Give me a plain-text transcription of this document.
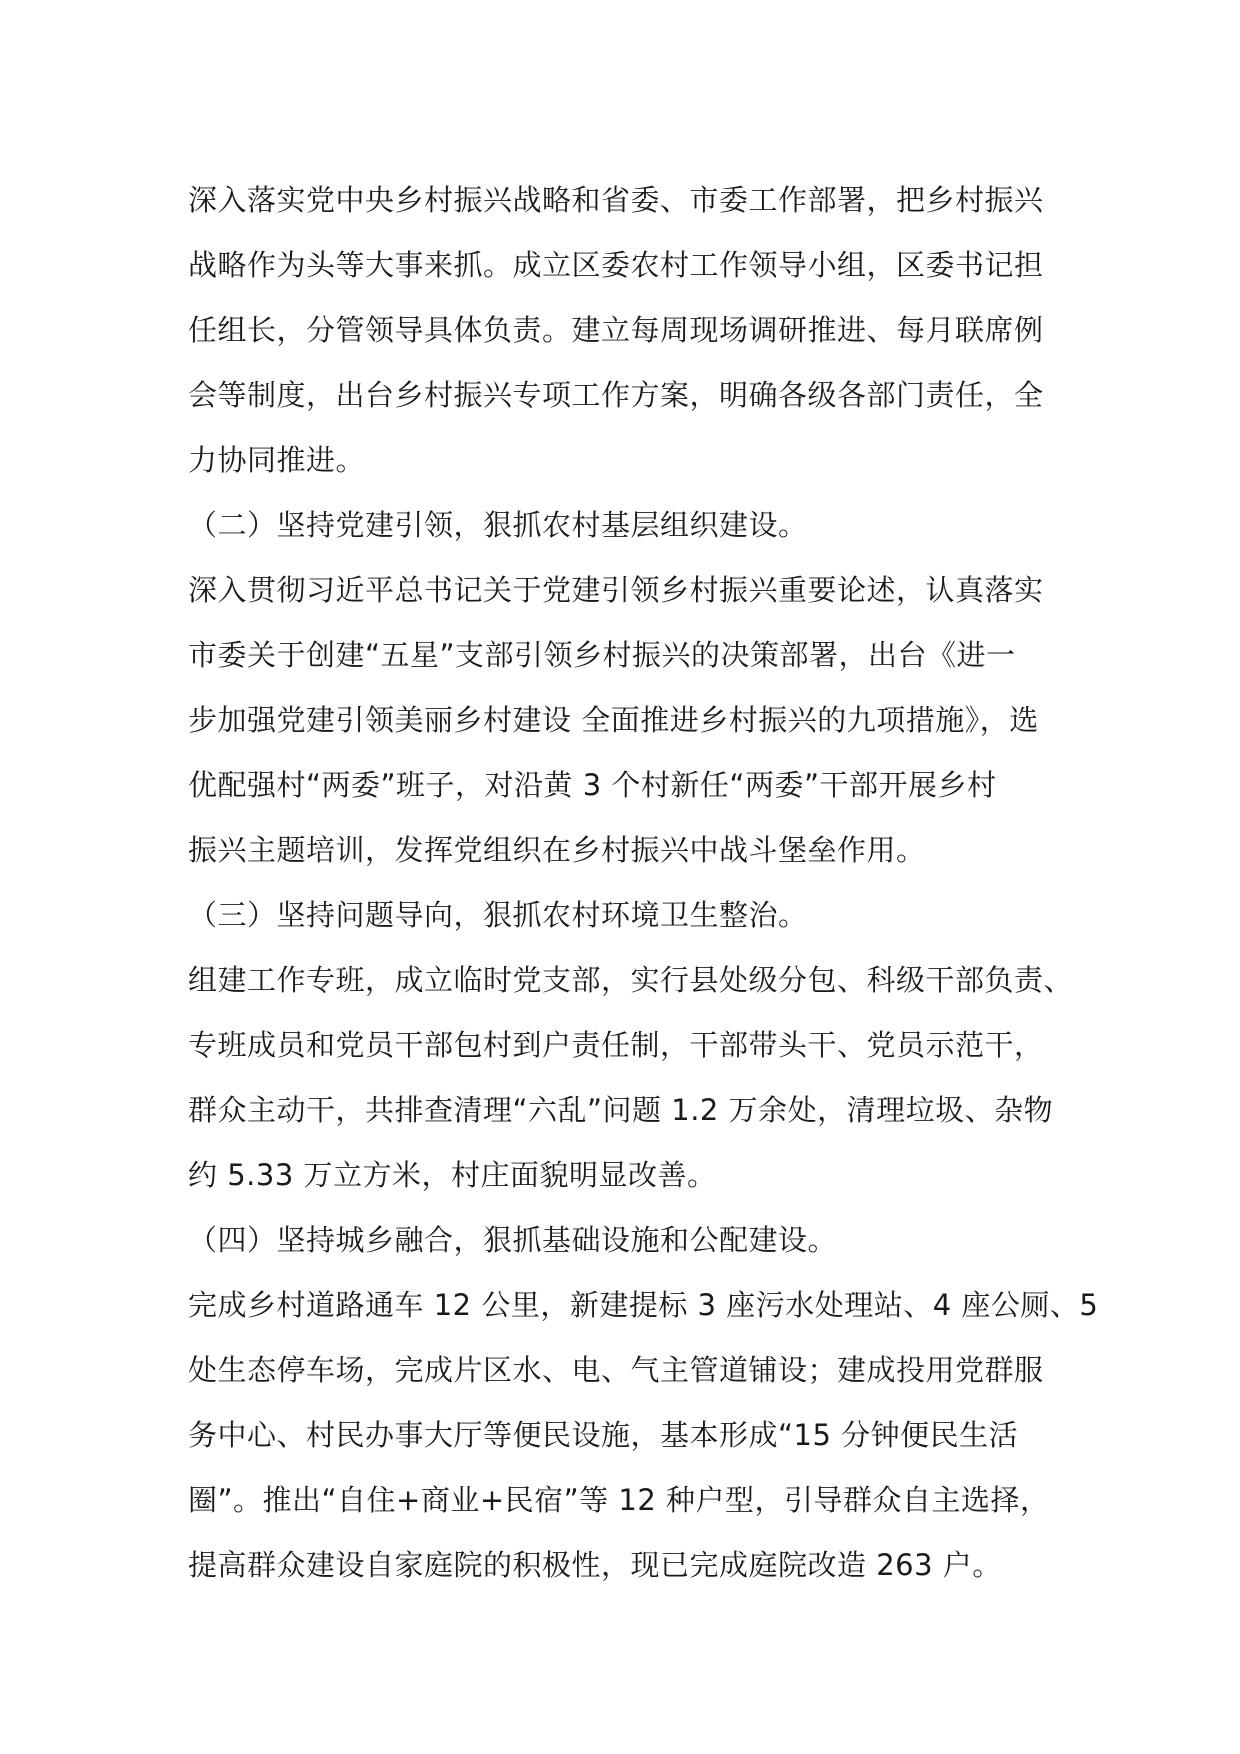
深入落实党中央乡村振兴战略和省委、市委工作部署，把乡村振兴
战略作为头等大事来抓。成立区委农村工作领导小组，区委书记担
任组长，分管领导具体负责。建立每周现场调研推进、每月联席例
会等制度，出台乡村振兴专项工作方案，明确各级各部门责任，全
力协同推进。
（二）坚持党建引领，狠抓农村基层组织建设。
深入贯彻习近平总书记关于党建引领乡村振兴重要论述，认真落实
市委关于创建“五星”支部引领乡村振兴的决策部署，出台《进一
步加强党建引领美丽乡村建设 全面推进乡村振兴的九项措施》，选
优配强村“两委”班子，对沿黄 3 个村新任“两委”干部开展乡村
振兴主题培训，发挥党组织在乡村振兴中战斗堡垒作用。
（三）坚持问题导向，狠抓农村环境卫生整治。
组建工作专班，成立临时党支部，实行县处级分包、科级干部负责、
专班成员和党员干部包村到户责任制，干部带头干、党员示范干，
群众主动干，共排查清理“六乱”问题 1.2 万余处，清理垃圾、杂物
约 5.33 万立方米，村庄面貌明显改善。
（四）坚持城乡融合，狠抓基础设施和公配建设。
完成乡村道路通车 12 公里，新建提标 3 座污水处理站、4 座公厕、5
处生态停车场，完成片区水、电、气主管道铺设；建成投用党群服
务中心、村民办事大厅等便民设施，基本形成“15 分钟便民生活
圈”。推出“自住+商业+民宿”等 12 种户型，引导群众自主选择，
提高群众建设自家庭院的积极性，现已完成庭院改造 263 户。
